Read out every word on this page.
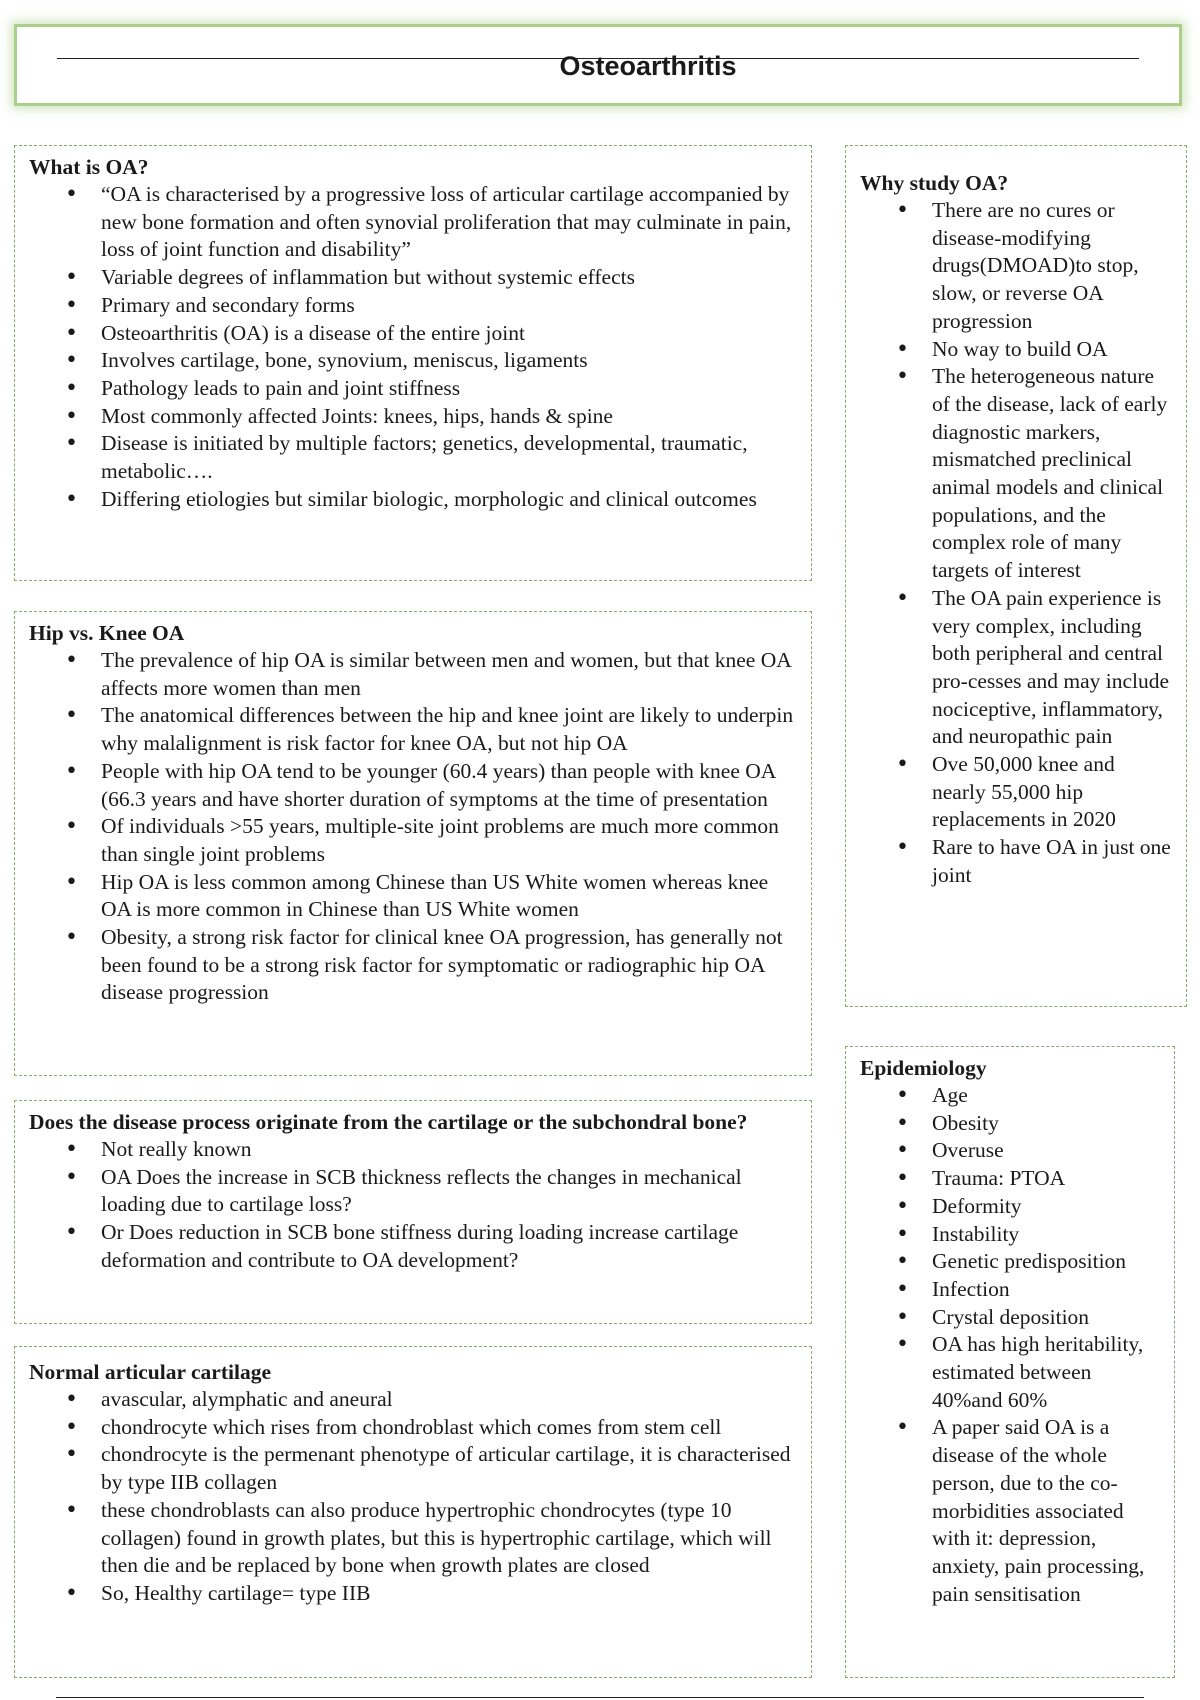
Osteoarthritis
What is OA?
• “OA is characterised by a progressive loss of articular cartilage accompanied by new bone formation and often synovial proliferation that may culminate in pain, loss of joint function and disability”
• Variable degrees of inflammation but without systemic effects
• Primary and secondary forms
• Osteoarthritis (OA) is a disease of the entire joint
• Involves cartilage, bone, synovium, meniscus, ligaments
• Pathology leads to pain and joint stiffness
• Most commonly affected Joints: knees, hips, hands & spine
• Disease is initiated by multiple factors; genetics, developmental, traumatic, metabolic….
• Differing etiologies but similar biologic, morphologic and clinical outcomes
Hip vs. Knee OA
• The prevalence of hip OA is similar between men and women, but that knee OA affects more women than men
• The anatomical differences between the hip and knee joint are likely to underpin why malalignment is risk factor for knee OA, but not hip OA
• People with hip OA tend to be younger (60.4 years) than people with knee OA (66.3 years and have shorter duration of symptoms at the time of presentation
• Of individuals >55 years, multiple-site joint problems are much more common than single joint problems
• Hip OA is less common among Chinese than US White women whereas knee OA is more common in Chinese than US White women
• Obesity, a strong risk factor for clinical knee OA progression, has generally not been found to be a strong risk factor for symptomatic or radiographic hip OA disease progression
Does the disease process originate from the cartilage or the subchondral bone?
• Not really known
• OA Does the increase in SCB thickness reflects the changes in mechanical loading due to cartilage loss?
• Or Does reduction in SCB bone stiffness during loading increase cartilage deformation and contribute to OA development?
Normal articular cartilage
• avascular, alymphatic and aneural
• chondrocyte which rises from chondroblast which comes from stem cell
• chondrocyte is the permenant phenotype of articular cartilage, it is characterised by type IIB collagen
• these chondroblasts can also produce hypertrophic chondrocytes (type 10 collagen) found in growth plates, but this is hypertrophic cartilage, which will then die and be replaced by bone when growth plates are closed
• So, Healthy cartilage= type IIB
Why study OA?
• There are no cures or disease-modifying drugs(DMOAD)to stop, slow, or reverse OA progression
• No way to build OA
• The heterogeneous nature of the disease, lack of early diagnostic markers, mismatched preclinical animal models and clinical populations, and the complex role of many targets of interest
• The OA pain experience is very complex, including both peripheral and central pro-cesses and may include nociceptive, inflammatory, and neuropathic pain
• Ove 50,000 knee and nearly 55,000 hip replacements in 2020
• Rare to have OA in just one joint
Epidemiology
• Age
• Obesity
• Overuse
• Trauma: PTOA
• Deformity
• Instability
• Genetic predisposition
• Infection
• Crystal deposition
• OA has high heritability, estimated between 40%and 60%
• A paper said OA is a disease of the whole person, due to the co-morbidities associated with it: depression, anxiety, pain processing, pain sensitisation
